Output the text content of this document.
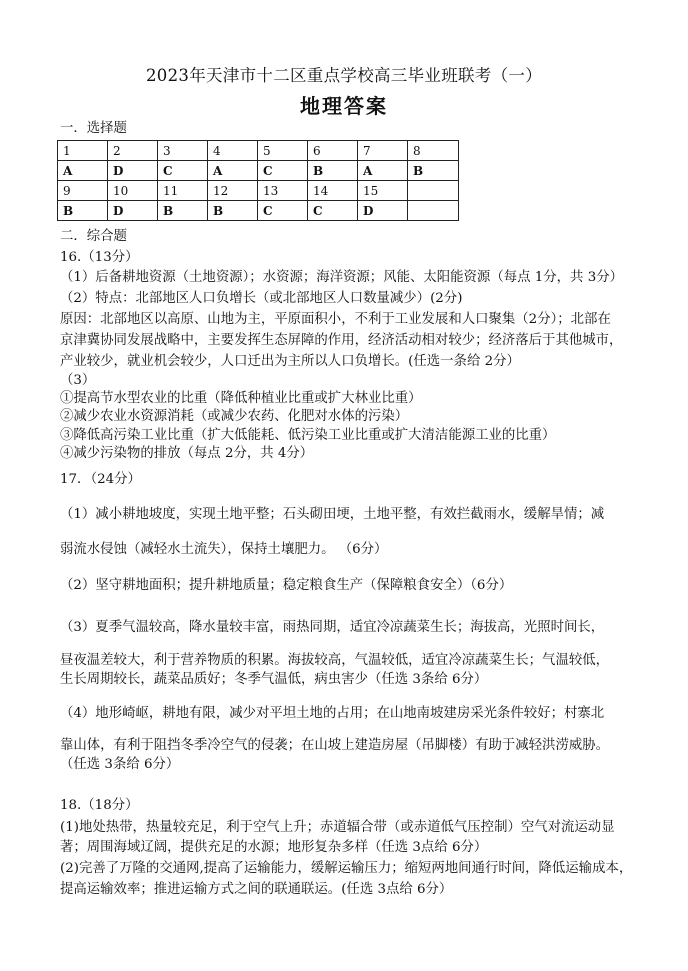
2023年天津市十二区重点学校高三毕业班联考（一）
地理答案
一．选择题
1	2	3	4	5	6	7	8
A	D	C	A	C	B	A	B
9	10	11	12	13	14	15	
B	D	B	B	C	C	D	
二．综合题
16.（13分）
（1）后备耕地资源（土地资源）；水资源；海洋资源；风能、太阳能资源（每点 1分，共 3分）
（2）特点：北部地区人口负增长（或北部地区人口数量减少）(2分)
原因：北部地区以高原、山地为主，平原面积小，不利于工业发展和人口聚集（2分）；北部在
京津冀协同发展战略中，主要发挥生态屏障的作用，经济活动相对较少；经济落后于其他城市，
产业较少，就业机会较少，人口迁出为主所以人口负增长。(任选一条给 2分）
（3）
①提高节水型农业的比重（降低种植业比重或扩大林业比重）
②减少农业水资源消耗（或减少农药、化肥对水体的污染）
③降低高污染工业比重（扩大低能耗、低污染工业比重或扩大清洁能源工业的比重）
④减少污染物的排放（每点 2分，共 4分）
17．（24分）
（1）减小耕地坡度，实现土地平整；石头砌田埂，土地平整，有效拦截雨水，缓解旱情；减
弱流水侵蚀（减轻水土流失），保持土壤肥力。 （6分）
（2）坚守耕地面积；提升耕地质量；稳定粮食生产（保障粮食安全）（6分）
（3）夏季气温较高，降水量较丰富，雨热同期，适宜冷凉蔬菜生长；海拔高，光照时间长，
昼夜温差较大，利于营养物质的积累。海拔较高，气温较低，适宜冷凉蔬菜生长；气温较低，
生长周期较长，蔬菜品质好；冬季气温低，病虫害少（任选 3条给 6分）
（4）地形崎岖，耕地有限，减少对平坦土地的占用；在山地南坡建房采光条件较好；村寨北
靠山体，有利于阻挡冬季冷空气的侵袭；在山坡上建造房屋（吊脚楼）有助于减轻洪涝威胁。
（任选 3条给 6分）
18.（18分）
(1)地处热带，热量较充足，利于空气上升；赤道辐合带（或赤道低气压控制）空气对流运动显
著；周围海域辽阔，提供充足的水源；地形复杂多样（任选 3点给 6分）
(2)完善了万隆的交通网,提高了运输能力，缓解运输压力；缩短两地间通行时间，降低运输成本，
提高运输效率；推进运输方式之间的联通联运。(任选 3点给 6分）
